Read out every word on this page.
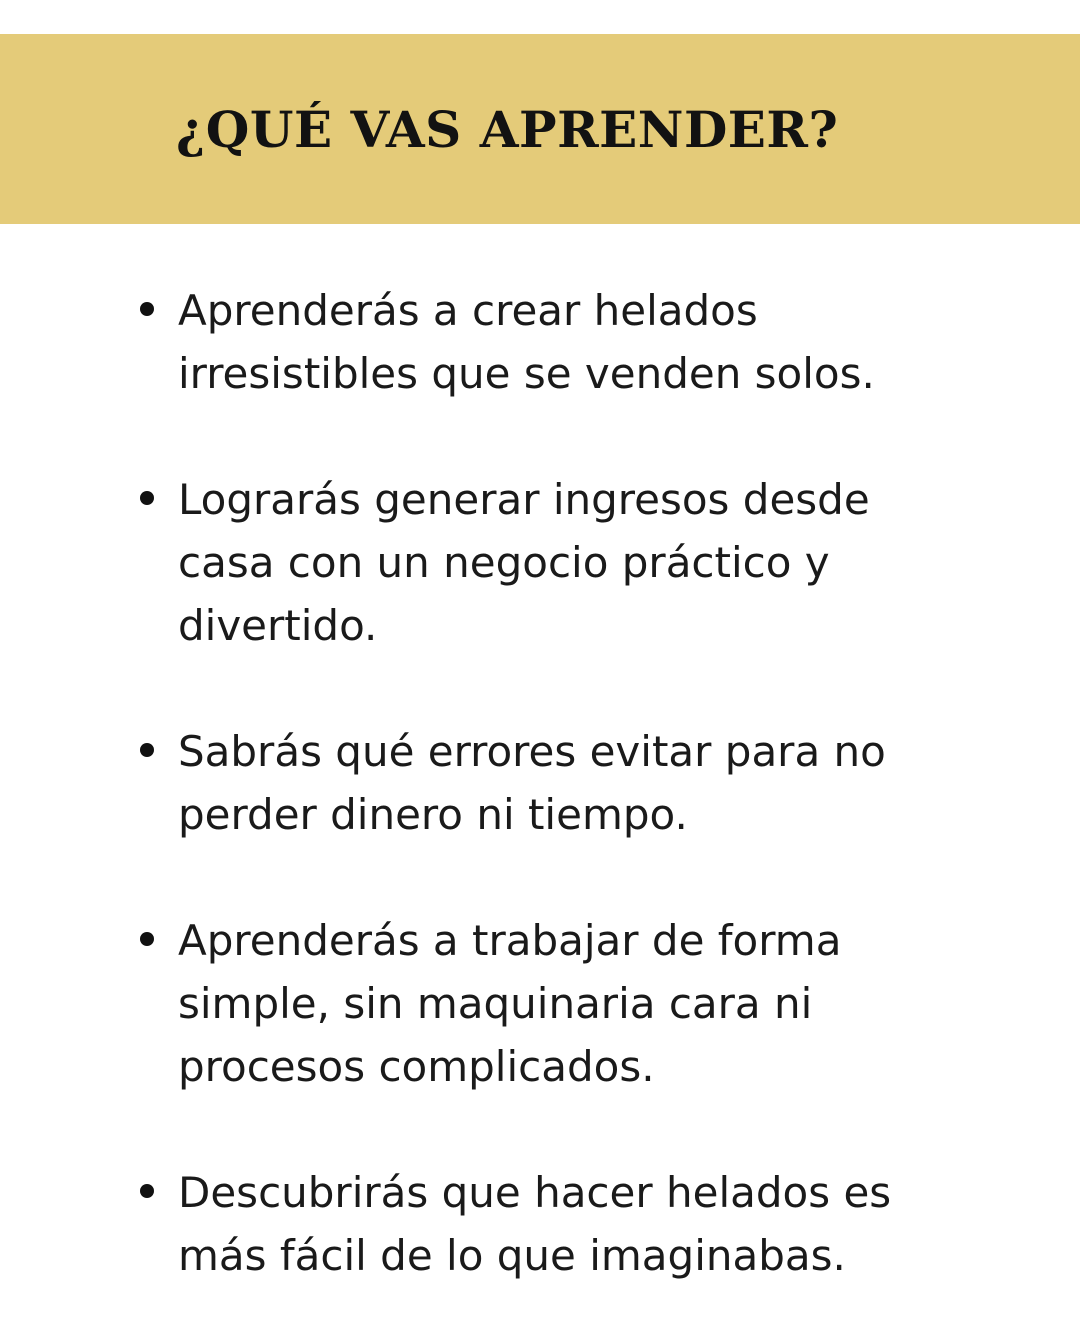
¿QUÉ VAS APRENDER?
Aprenderás a crear helados
irresistibles que se venden solos.
Lograrás generar ingresos desde
casa con un negocio práctico y
divertido.
Sabrás qué errores evitar para no
perder dinero ni tiempo.
Aprenderás a trabajar de forma
simple, sin maquinaria cara ni
procesos complicados.
Descubrirás que hacer helados es
más fácil de lo que imaginabas.
